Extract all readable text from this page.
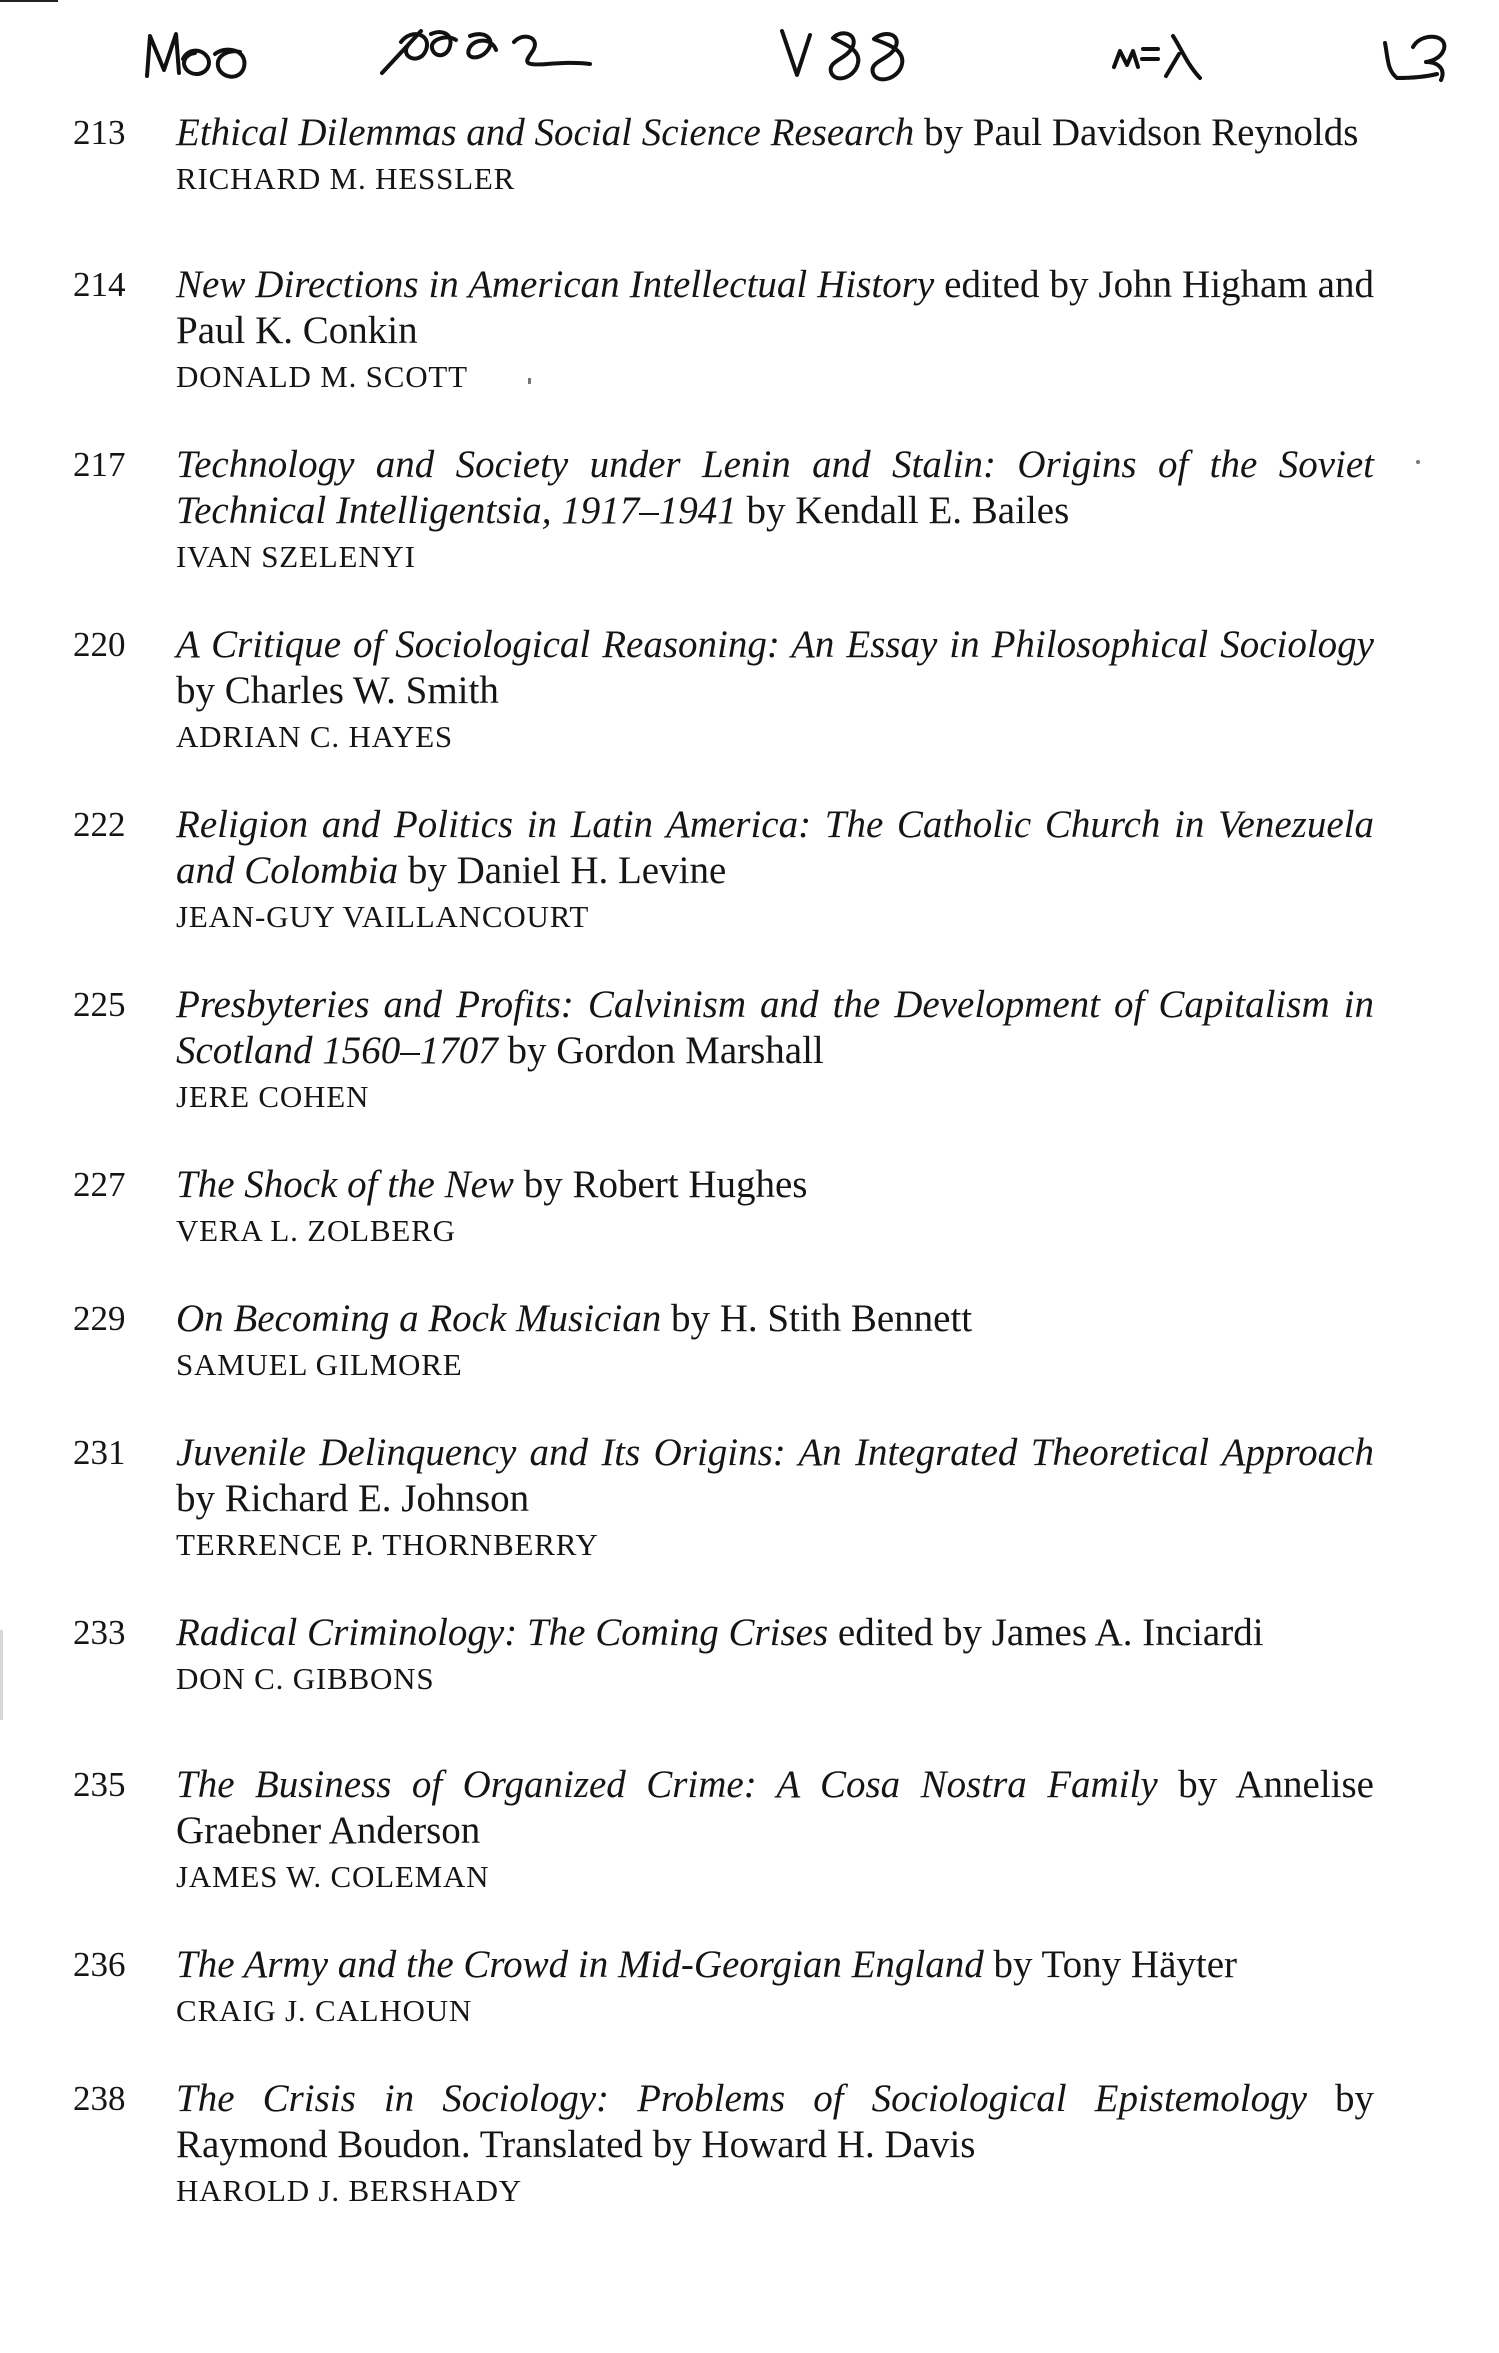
213	Ethical Dilemmas and Social Science Research by Paul Davidson Reynolds
RICHARD M. HESSLER
214	New Directions in American Intellectual History edited by John Higham and Paul K. Conkin
DONALD M. SCOTT
217	Technology and Society under Lenin and Stalin: Origins of the Soviet Technical Intelligentsia, 1917–1941 by Kendall E. Bailes
IVAN SZELENYI
220	A Critique of Sociological Reasoning: An Essay in Philosophical Sociology by Charles W. Smith
ADRIAN C. HAYES
222	Religion and Politics in Latin America: The Catholic Church in Venezuela and Colombia by Daniel H. Levine
JEAN-GUY VAILLANCOURT
225	Presbyteries and Profits: Calvinism and the Development of Capitalism in Scotland 1560–1707 by Gordon Marshall
JERE COHEN
227	The Shock of the New by Robert Hughes
VERA L. ZOLBERG
229	On Becoming a Rock Musician by H. Stith Bennett
SAMUEL GILMORE
231	Juvenile Delinquency and Its Origins: An Integrated Theoretical Approach by Richard E. Johnson
TERRENCE P. THORNBERRY
233	Radical Criminology: The Coming Crises edited by James A. Inciardi
DON C. GIBBONS
235	The Business of Organized Crime: A Cosa Nostra Family by Annelise Graebner Anderson
JAMES W. COLEMAN
236	The Army and the Crowd in Mid-Georgian England by Tony Häyter
CRAIG J. CALHOUN
238	The Crisis in Sociology: Problems of Sociological Epistemology by Raymond Boudon. Translated by Howard H. Davis
HAROLD J. BERSHADY
